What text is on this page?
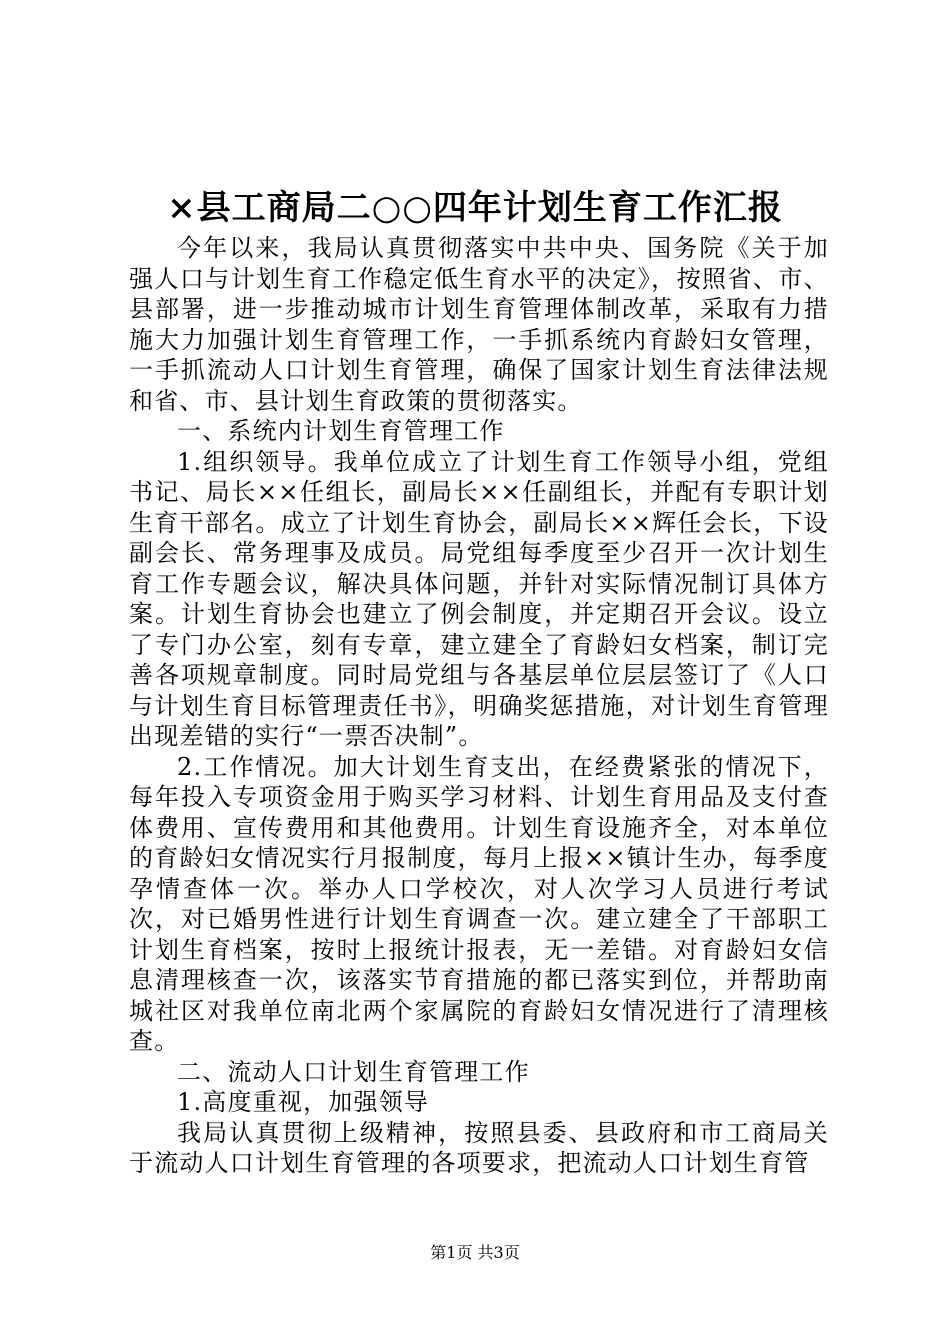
×县工商局二○○四年计划生育工作汇报

今年以来，我局认真贯彻落实中共中央、国务院《关于加强人口与计划生育工作稳定低生育水平的决定》，按照省、市、县部署，进一步推动城市计划生育管理体制改革，采取有力措施大力加强计划生育管理工作，一手抓系统内育龄妇女管理，一手抓流动人口计划生育管理，确保了国家计划生育法律法规和省、市、县计划生育政策的贯彻落实。

一、系统内计划生育管理工作

1.组织领导。我单位成立了计划生育工作领导小组，党组书记、局长××任组长，副局长××任副组长，并配有专职计划生育干部名。成立了计划生育协会，副局长××辉任会长，下设副会长、常务理事及成员。局党组每季度至少召开一次计划生育工作专题会议，解决具体问题，并针对实际情况制订具体方案。计划生育协会也建立了例会制度，并定期召开会议。设立了专门办公室，刻有专章，建立建全了育龄妇女档案，制订完善各项规章制度。同时局党组与各基层单位层层签订了《人口与计划生育目标管理责任书》，明确奖惩措施，对计划生育管理出现差错的实行“一票否决制”。

2.工作情况。加大计划生育支出，在经费紧张的情况下，每年投入专项资金用于购买学习材料、计划生育用品及支付查体费用、宣传费用和其他费用。计划生育设施齐全，对本单位的育龄妇女情况实行月报制度，每月上报××镇计生办，每季度孕情查体一次。举办人口学校次，对人次学习人员进行考试次，对已婚男性进行计划生育调查一次。建立建全了干部职工计划生育档案，按时上报统计报表，无一差错。对育龄妇女信息清理核查一次，该落实节育措施的都已落实到位，并帮助南城社区对我单位南北两个家属院的育龄妇女情况进行了清理核查。

二、流动人口计划生育管理工作

1.高度重视，加强领导

我局认真贯彻上级精神，按照县委、县政府和市工商局关于流动人口计划生育管理的各项要求，把流动人口计划生育管

第1页 共3页
